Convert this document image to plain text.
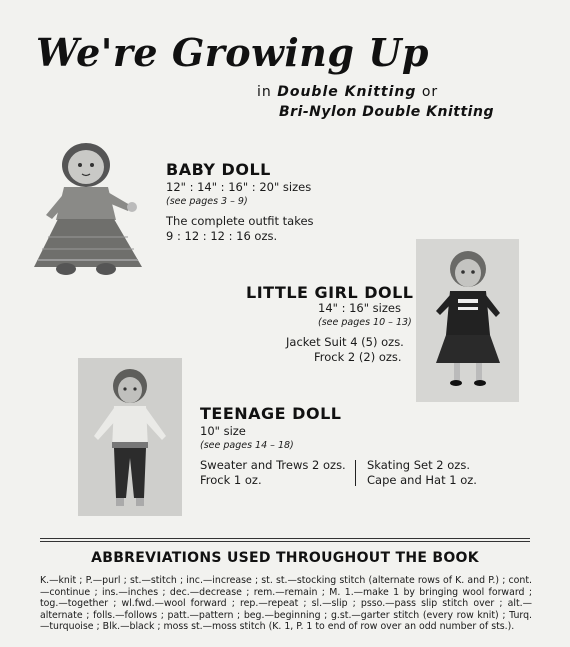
We're Growing Up
in Double Knitting or
Bri-Nylon Double Knitting
BABY DOLL
12" : 14" : 16" : 20" sizes
(see pages 3 – 9)
The complete outfit takes
9 : 12 : 12 : 16 ozs.
LITTLE GIRL DOLL
14" : 16" sizes
(see pages 10 – 13)
Jacket Suit 4 (5) ozs.
Frock 2 (2) ozs.
TEENAGE DOLL
10" size
(see pages 14 – 18)
Sweater and Trews 2 ozs.
Frock 1 oz.
Skating Set 2 ozs.
Cape and Hat 1 oz.
ABBREVIATIONS USED THROUGHOUT THE BOOK
K.—knit ; P.—purl ; st.—stitch ; inc.—increase ; st. st.—stocking stitch (alternate rows of K. and P.) ; cont.—continue ; ins.—inches ; dec.—decrease ; rem.—remain ; M. 1.—make 1 by bringing wool forward ; tog.—together ; wl.fwd.—wool forward ; rep.—repeat ; sl.—slip ; psso.—pass slip stitch over ; alt.—alternate ; folls.—follows ; patt.—pattern ; beg.—beginning ; g.st.—garter stitch (every row knit) ; Turq.—turquoise ; Blk.—black ; moss st.—moss stitch (K. 1, P. 1 to end of row over an odd number of sts.).
